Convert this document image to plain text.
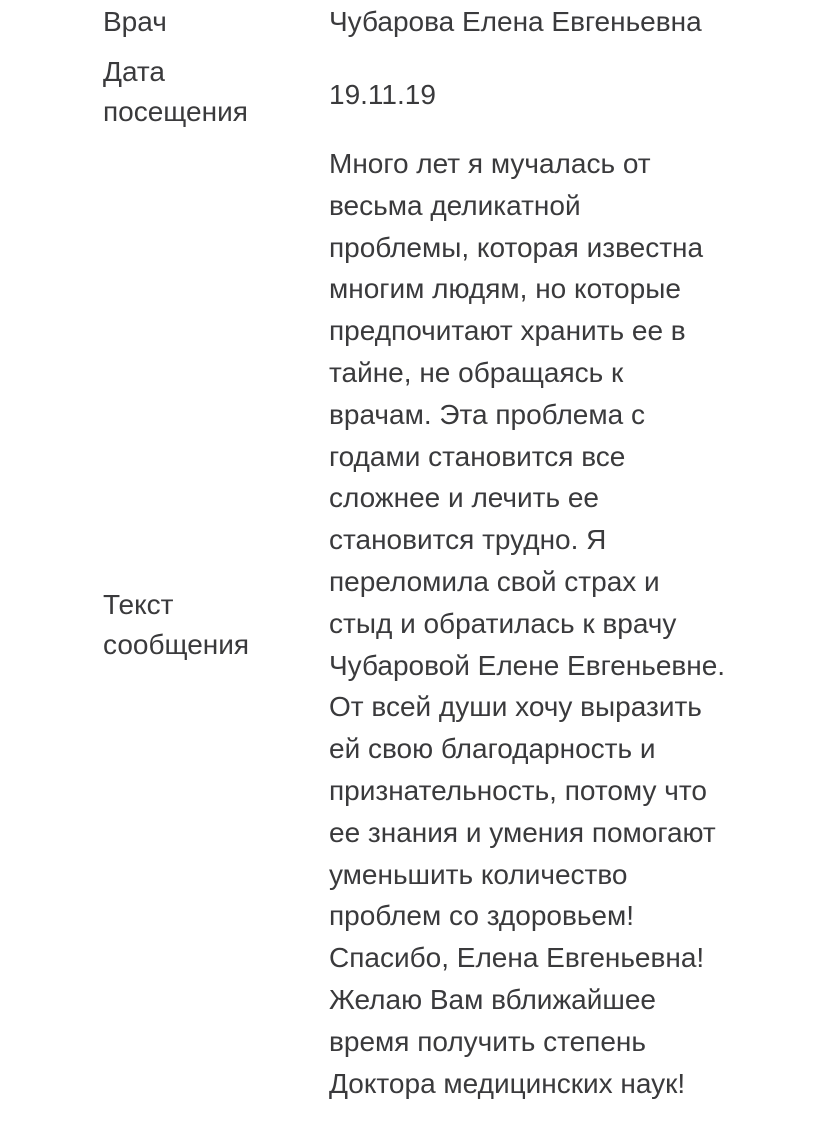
Врач	Чубарова Елена Евгеньевна
Дата
посещения
19.11.19
Текст
сообщения
Много лет я мучалась от
весьма деликатной
проблемы, которая известна
многим людям, но которые
предпочитают хранить ее в
тайне, не обращаясь к
врачам. Эта проблема с
годами становится все
сложнее и лечить ее
становится трудно. Я
переломила свой страх и
стыд и обратилась к врачу
Чубаровой Елене Евгеньевне.
От всей души хочу выразить
ей свою благодарность и
признательность, потому что
ее знания и умения помогают
уменьшить количество
проблем со здоровьем!
Спасибо, Елена Евгеньевна!
Желаю Вам вближайшее
время получить степень
Доктора медицинских наук!
